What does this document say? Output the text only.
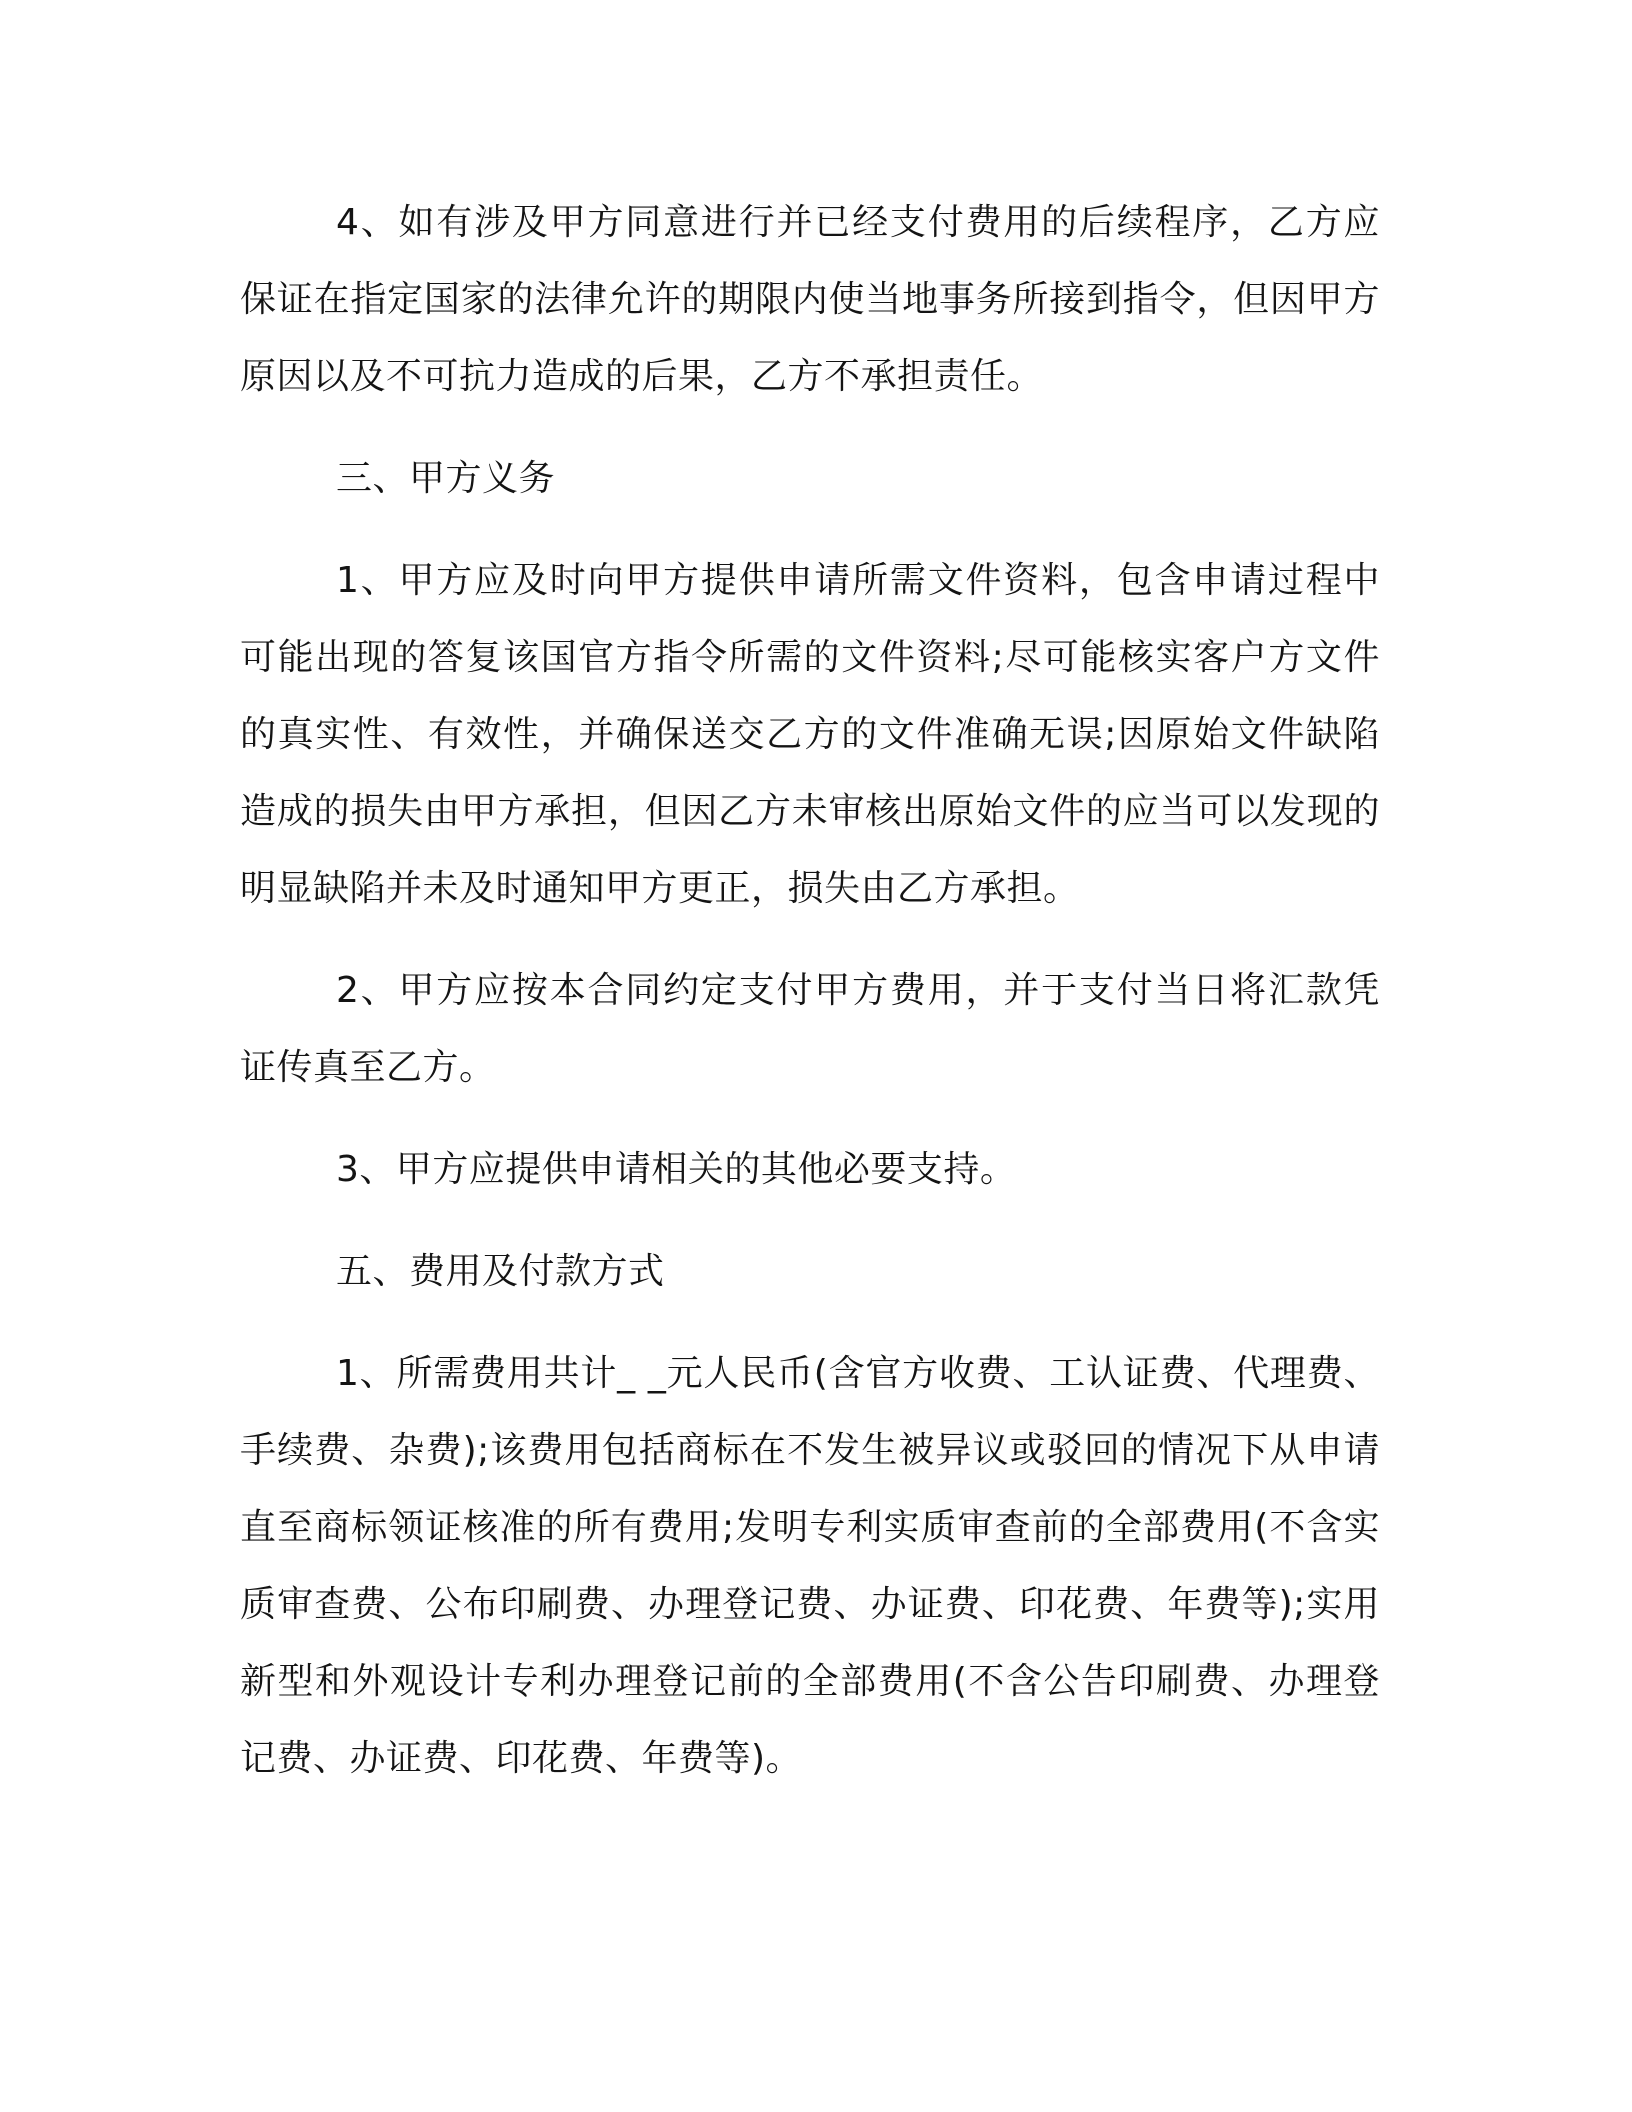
4、如有涉及甲方同意进行并已经支付费用的后续程序，乙方应保证在指定国家的法律允许的期限内使当地事务所接到指令，但因甲方原因以及不可抗力造成的后果，乙方不承担责任。

三、甲方义务

1、甲方应及时向甲方提供申请所需文件资料，包含申请过程中可能出现的答复该国官方指令所需的文件资料;尽可能核实客户方文件的真实性、有效性，并确保送交乙方的文件准确无误;因原始文件缺陷造成的损失由甲方承担，但因乙方未审核出原始文件的应当可以发现的明显缺陷并未及时通知甲方更正，损失由乙方承担。

2、甲方应按本合同约定支付甲方费用，并于支付当日将汇款凭证传真至乙方。

3、甲方应提供申请相关的其他必要支持。

五、费用及付款方式

1、所需费用共计_ _元人民币(含官方收费、工认证费、代理费、手续费、杂费);该费用包括商标在不发生被异议或驳回的情况下从申请直至商标领证核准的所有费用;发明专利实质审查前的全部费用(不含实质审查费、公布印刷费、办理登记费、办证费、印花费、年费等);实用新型和外观设计专利办理登记前的全部费用(不含公告印刷费、办理登记费、办证费、印花费、年费等)。
